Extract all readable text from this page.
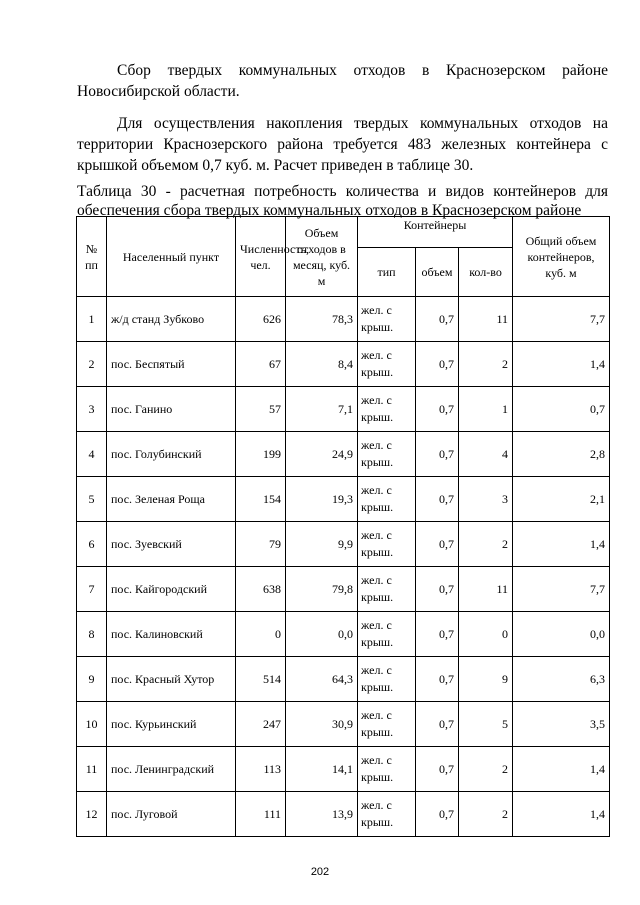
Сбор твердых коммунальных отходов в Краснозерском районе Новосибирской области.

Для осуществления накопления твердых коммунальных отходов на территории Краснозерского района требуется 483 железных контейнера с крышкой объемом 0,7 куб. м. Расчет приведен в таблице 30.

Таблица 30 - расчетная потребность количества и видов контейнеров для обеспечения сбора твердых коммунальных отходов в Краснозерском районе

№ пп	Населенный пункт	Численность, чел.	Объем отходов в месяц, куб. м	Контейнеры			Общий объем контейнеров, куб. м
				тип	объем	кол-во	
1	ж/д станд Зубково	626	78,3	жел. с крыш.	0,7	11	7,7
2	пос. Беспятый	67	8,4	жел. с крыш.	0,7	2	1,4
3	пос. Ганино	57	7,1	жел. с крыш.	0,7	1	0,7
4	пос. Голубинский	199	24,9	жел. с крыш.	0,7	4	2,8
5	пос. Зеленая Роща	154	19,3	жел. с крыш.	0,7	3	2,1
6	пос. Зуевский	79	9,9	жел. с крыш.	0,7	2	1,4
7	пос. Кайгородский	638	79,8	жел. с крыш.	0,7	11	7,7
8	пос. Калиновский	0	0,0	жел. с крыш.	0,7	0	0,0
9	пос. Красный Хутор	514	64,3	жел. с крыш.	0,7	9	6,3
10	пос. Курьинский	247	30,9	жел. с крыш.	0,7	5	3,5
11	пос. Ленинградский	113	14,1	жел. с крыш.	0,7	2	1,4
12	пос. Луговой	111	13,9	жел. с крыш.	0,7	2	1,4
202
